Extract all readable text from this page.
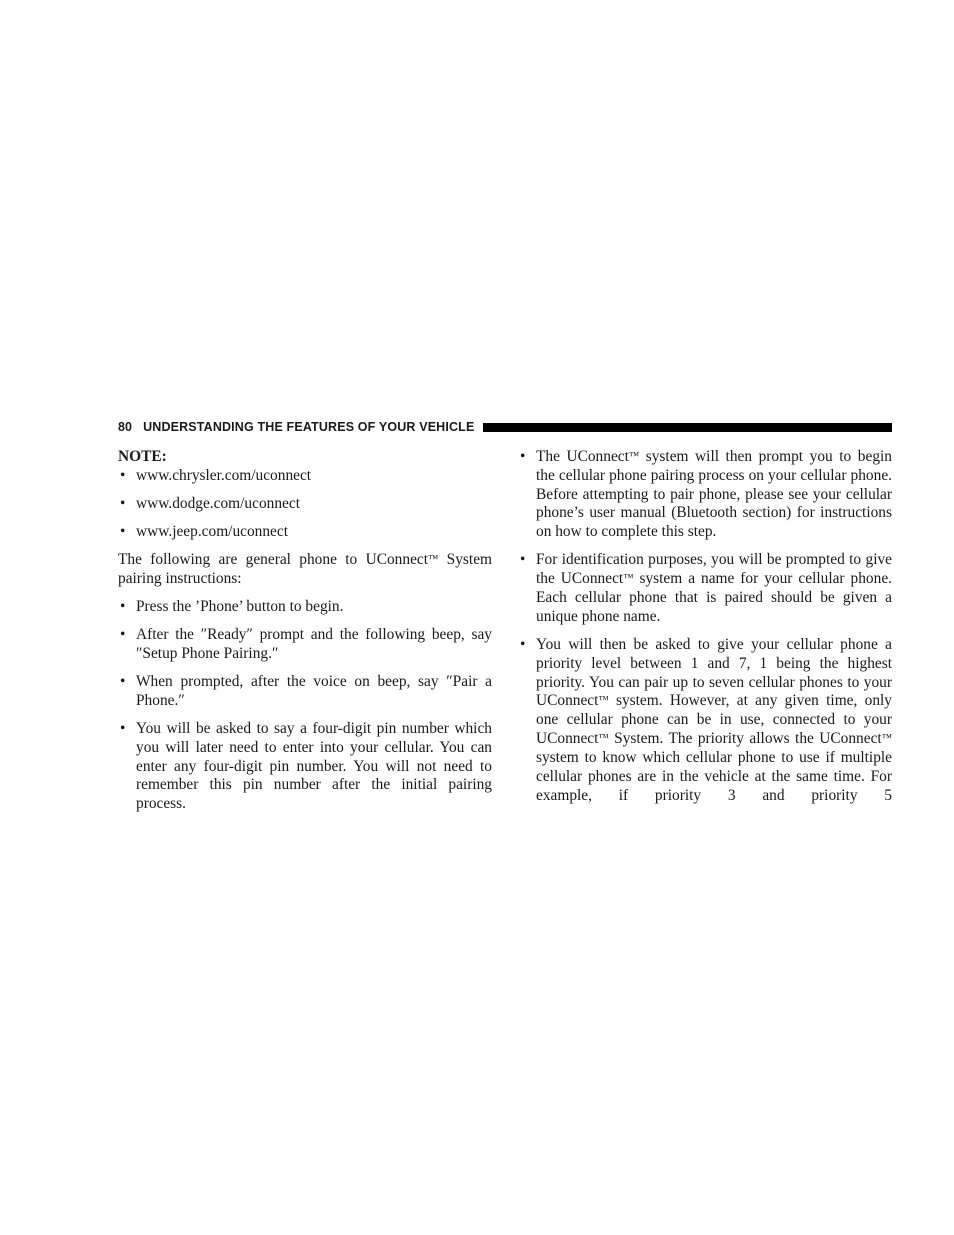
80 UNDERSTANDING THE FEATURES OF YOUR VEHICLE

NOTE:

• www.chrysler.com/uconnect
• www.dodge.com/uconnect
• www.jeep.com/uconnect

The following are general phone to UConnect™ System pairing instructions:

• Press the ’Phone’ button to begin.
• After the ″Ready″ prompt and the following beep, say ″Setup Phone Pairing.″
• When prompted, after the voice on beep, say ″Pair a Phone.″
• You will be asked to say a four-digit pin number which you will later need to enter into your cellular. You can enter any four-digit pin number. You will not need to remember this pin number after the initial pairing process.
• The UConnect™ system will then prompt you to begin the cellular phone pairing process on your cellular phone. Before attempting to pair phone, please see your cellular phone’s user manual (Bluetooth section) for instructions on how to complete this step.
• For identification purposes, you will be prompted to give the UConnect™ system a name for your cellular phone. Each cellular phone that is paired should be given a unique phone name.
• You will then be asked to give your cellular phone a priority level between 1 and 7, 1 being the highest priority. You can pair up to seven cellular phones to your UConnect™ system. However, at any given time, only one cellular phone can be in use, connected to your UConnect™ System. The priority allows the UConnect™ system to know which cellular phone to use if multiple cellular phones are in the vehicle at the same time. For example, if priority 3 and priority 5
